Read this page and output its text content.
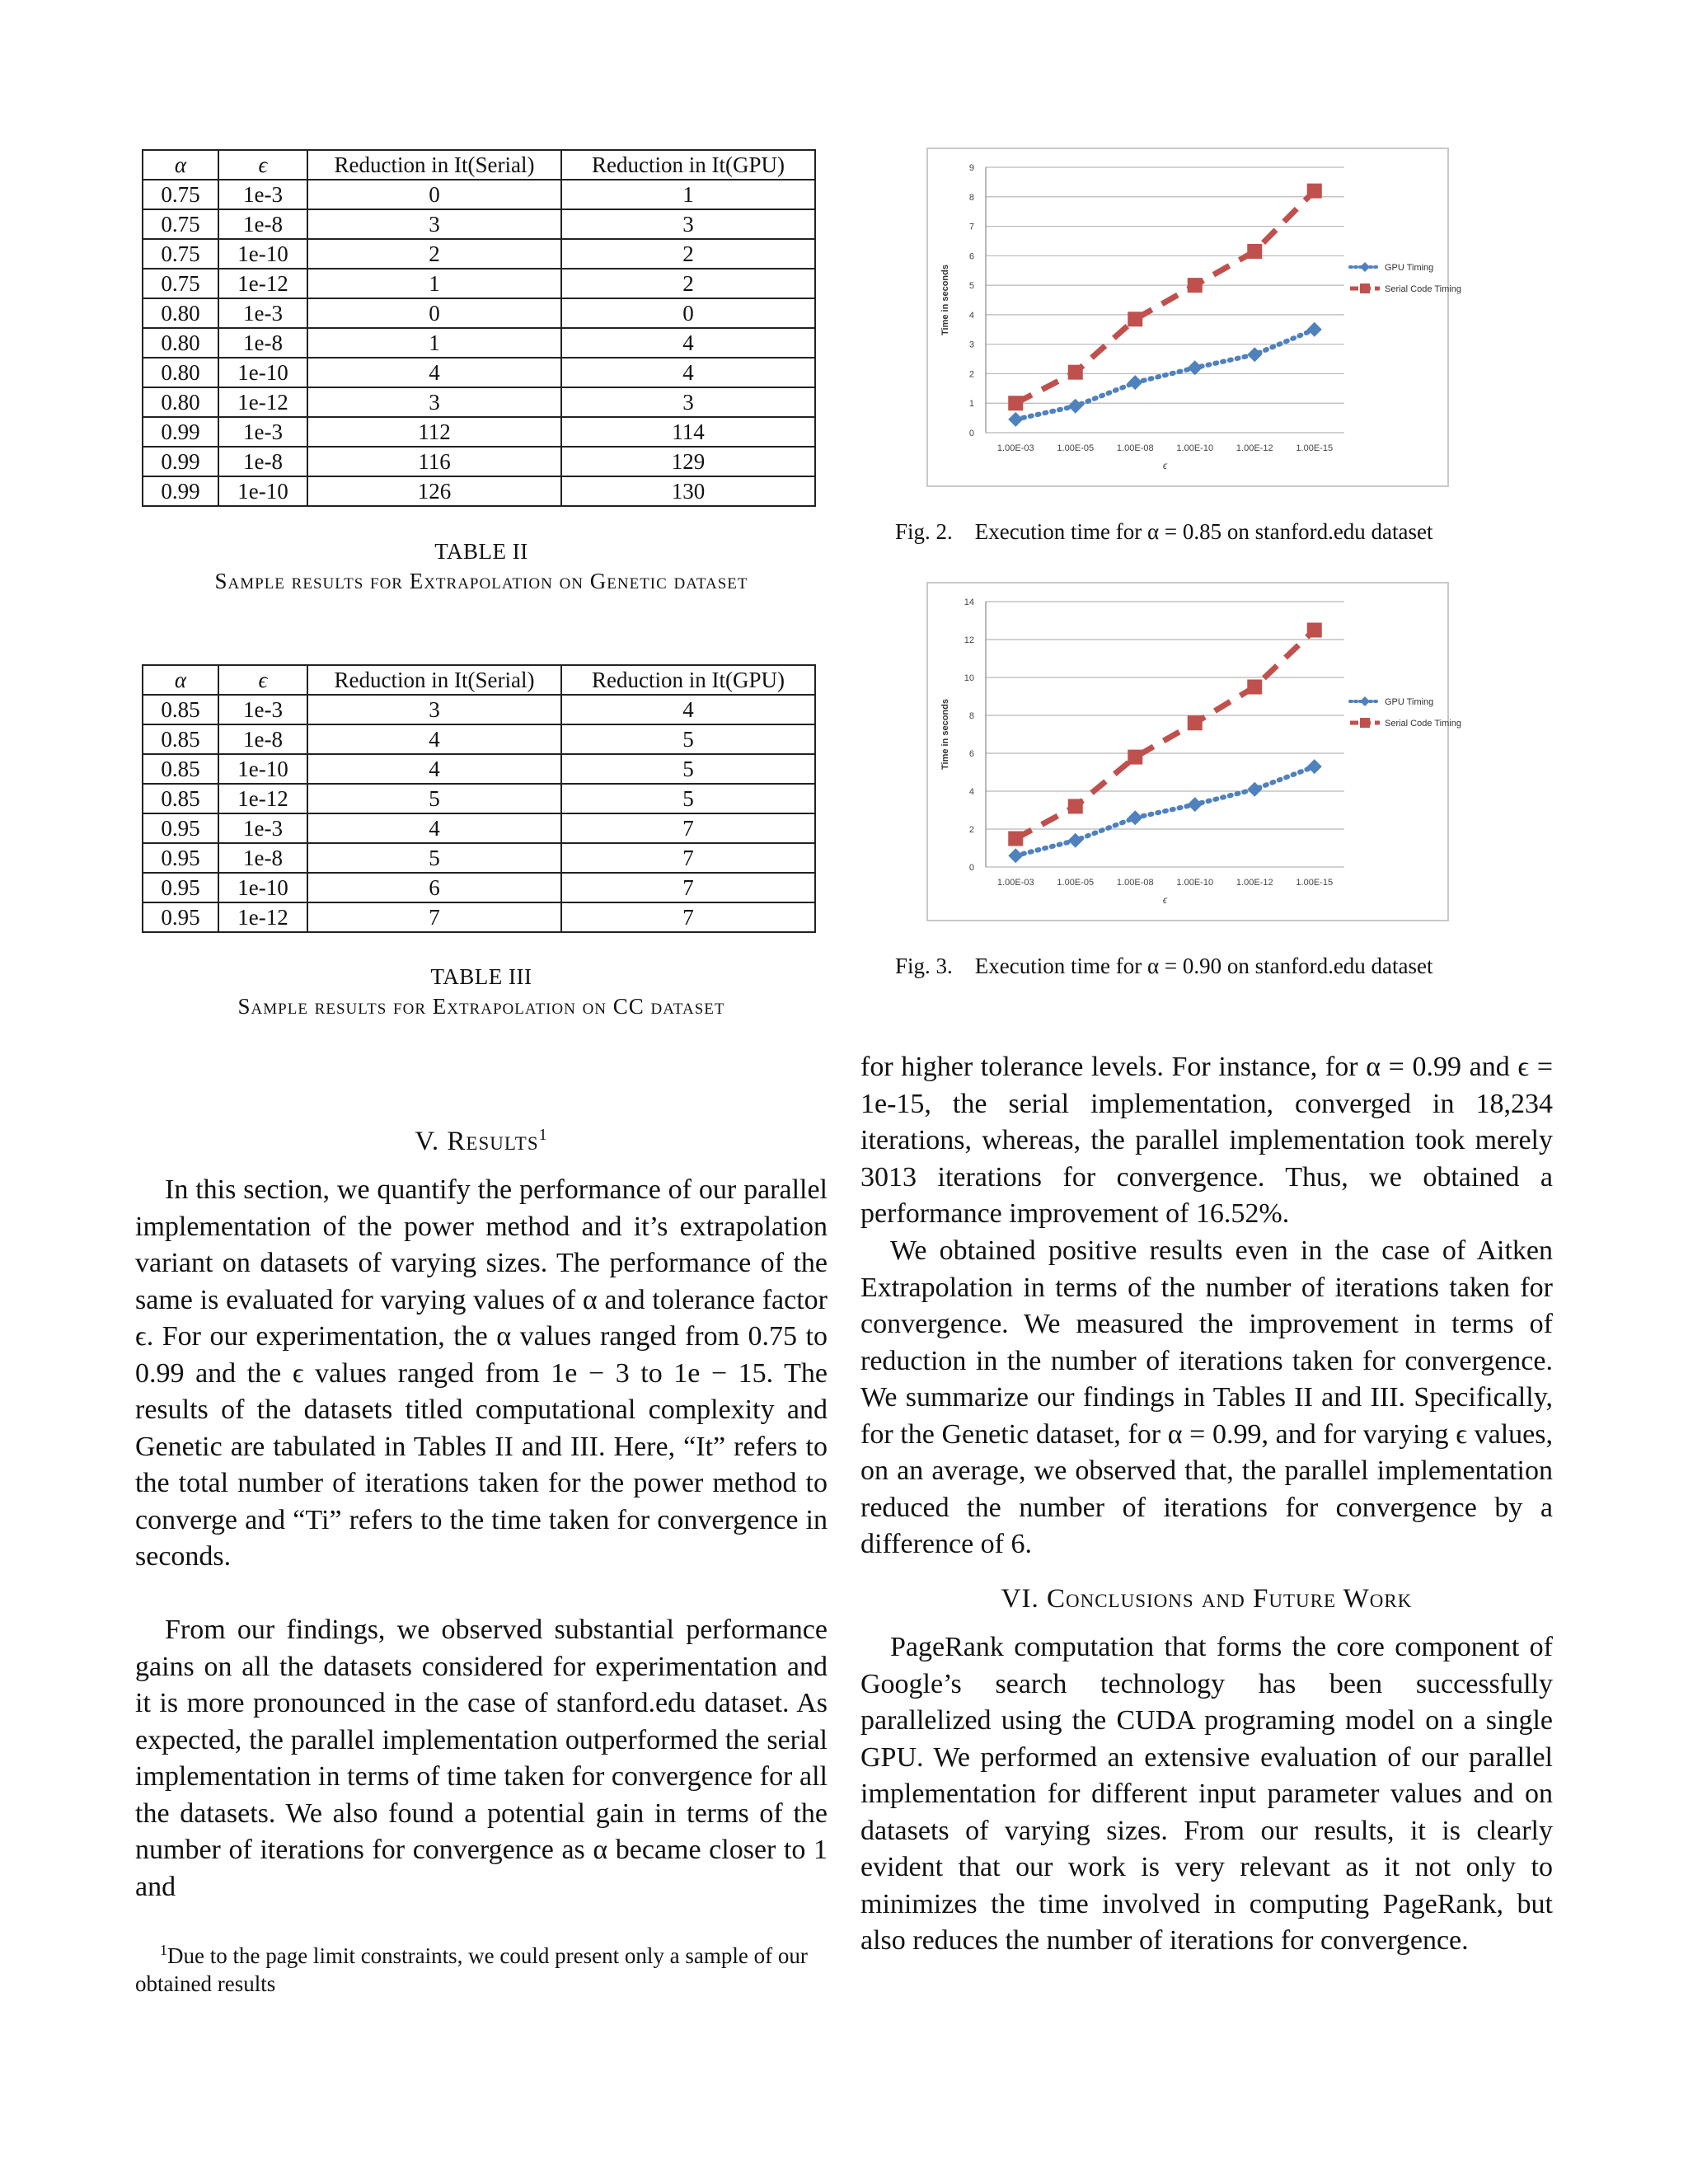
α	ϵ	Reduction in It(Serial)	Reduction in It(GPU)
0.75	1e-3	0	1
0.75	1e-8	3	3
0.75	1e-10	2	2
0.75	1e-12	1	2
0.80	1e-3	0	0
0.80	1e-8	1	4
0.80	1e-10	4	4
0.80	1e-12	3	3
0.99	1e-3	112	114
0.99	1e-8	116	129
0.99	1e-10	126	130
TABLE II
Sample results for Extrapolation on Genetic dataset
α	ϵ	Reduction in It(Serial)	Reduction in It(GPU)
0.85	1e-3	3	4
0.85	1e-8	4	5
0.85	1e-10	4	5
0.85	1e-12	5	5
0.95	1e-3	4	7
0.95	1e-8	5	7
0.95	1e-10	6	7
0.95	1e-12	7	7
TABLE III
Sample results for Extrapolation on CC dataset
0
1
2
3
4
5
6
7
8
9
1.00E-03	1.00E-05	1.00E-08	1.00E-10	1.00E-12	1.00E-15
ϵ
Time in seconds	GPU Timing
Serial Code Timing
Fig. 2. Execution time for α = 0.85 on stanford.edu dataset
0
2
4
6
8
10
12
14
1.00E-03	1.00E-05	1.00E-08	1.00E-10	1.00E-12	1.00E-15
ϵ
Time in seconds	GPU Timing
Serial Code Timing
Fig. 3. Execution time for α = 0.90 on stanford.edu dataset
V. Results$^1$

In this section, we quantify the performance of our parallel implementation of the power method and it’s extrapolation variant on datasets of varying sizes. The performance of the same is evaluated for varying values of α and tolerance factor ϵ. For our experimentation, the α values ranged from 0.75 to 0.99 and the ϵ values ranged from 1e − 3 to 1e − 15. The results of the datasets titled computational complexity and Genetic are tabulated in Tables II and III. Here, “It” refers to the total number of iterations taken for the power method to converge and “Ti” refers to the time taken for convergence in seconds.

From our findings, we observed substantial performance gains on all the datasets considered for experimentation and it is more pronounced in the case of stanford.edu dataset. As expected, the parallel implementation outperformed the serial implementation in terms of time taken for convergence for all the datasets. We also found a potential gain in terms of the number of iterations for convergence as α became closer to 1 and

$^1$Due to the page limit constraints, we could present only a sample of our obtained results

for higher tolerance levels. For instance, for α = 0.99 and ϵ = 1e-15, the serial implementation, converged in 18,234 iterations, whereas, the parallel implementation took merely 3013 iterations for convergence. Thus, we obtained a performance improvement of 16.52%.

We obtained positive results even in the case of Aitken Extrapolation in terms of the number of iterations taken for convergence. We measured the improvement in terms of reduction in the number of iterations taken for convergence. We summarize our findings in Tables II and III. Specifically, for the Genetic dataset, for α = 0.99, and for varying ϵ values, on an average, we observed that, the parallel implementation reduced the number of iterations for convergence by a difference of 6.

VI. Conclusions and Future Work

PageRank computation that forms the core component of Google’s search technology has been successfully parallelized using the CUDA programing model on a single GPU. We performed an extensive evaluation of our parallel implementation for different input parameter values and on datasets of varying sizes. From our results, it is clearly evident that our work is very relevant as it not only to minimizes the time involved in computing PageRank, but also reduces the number of iterations for convergence.
